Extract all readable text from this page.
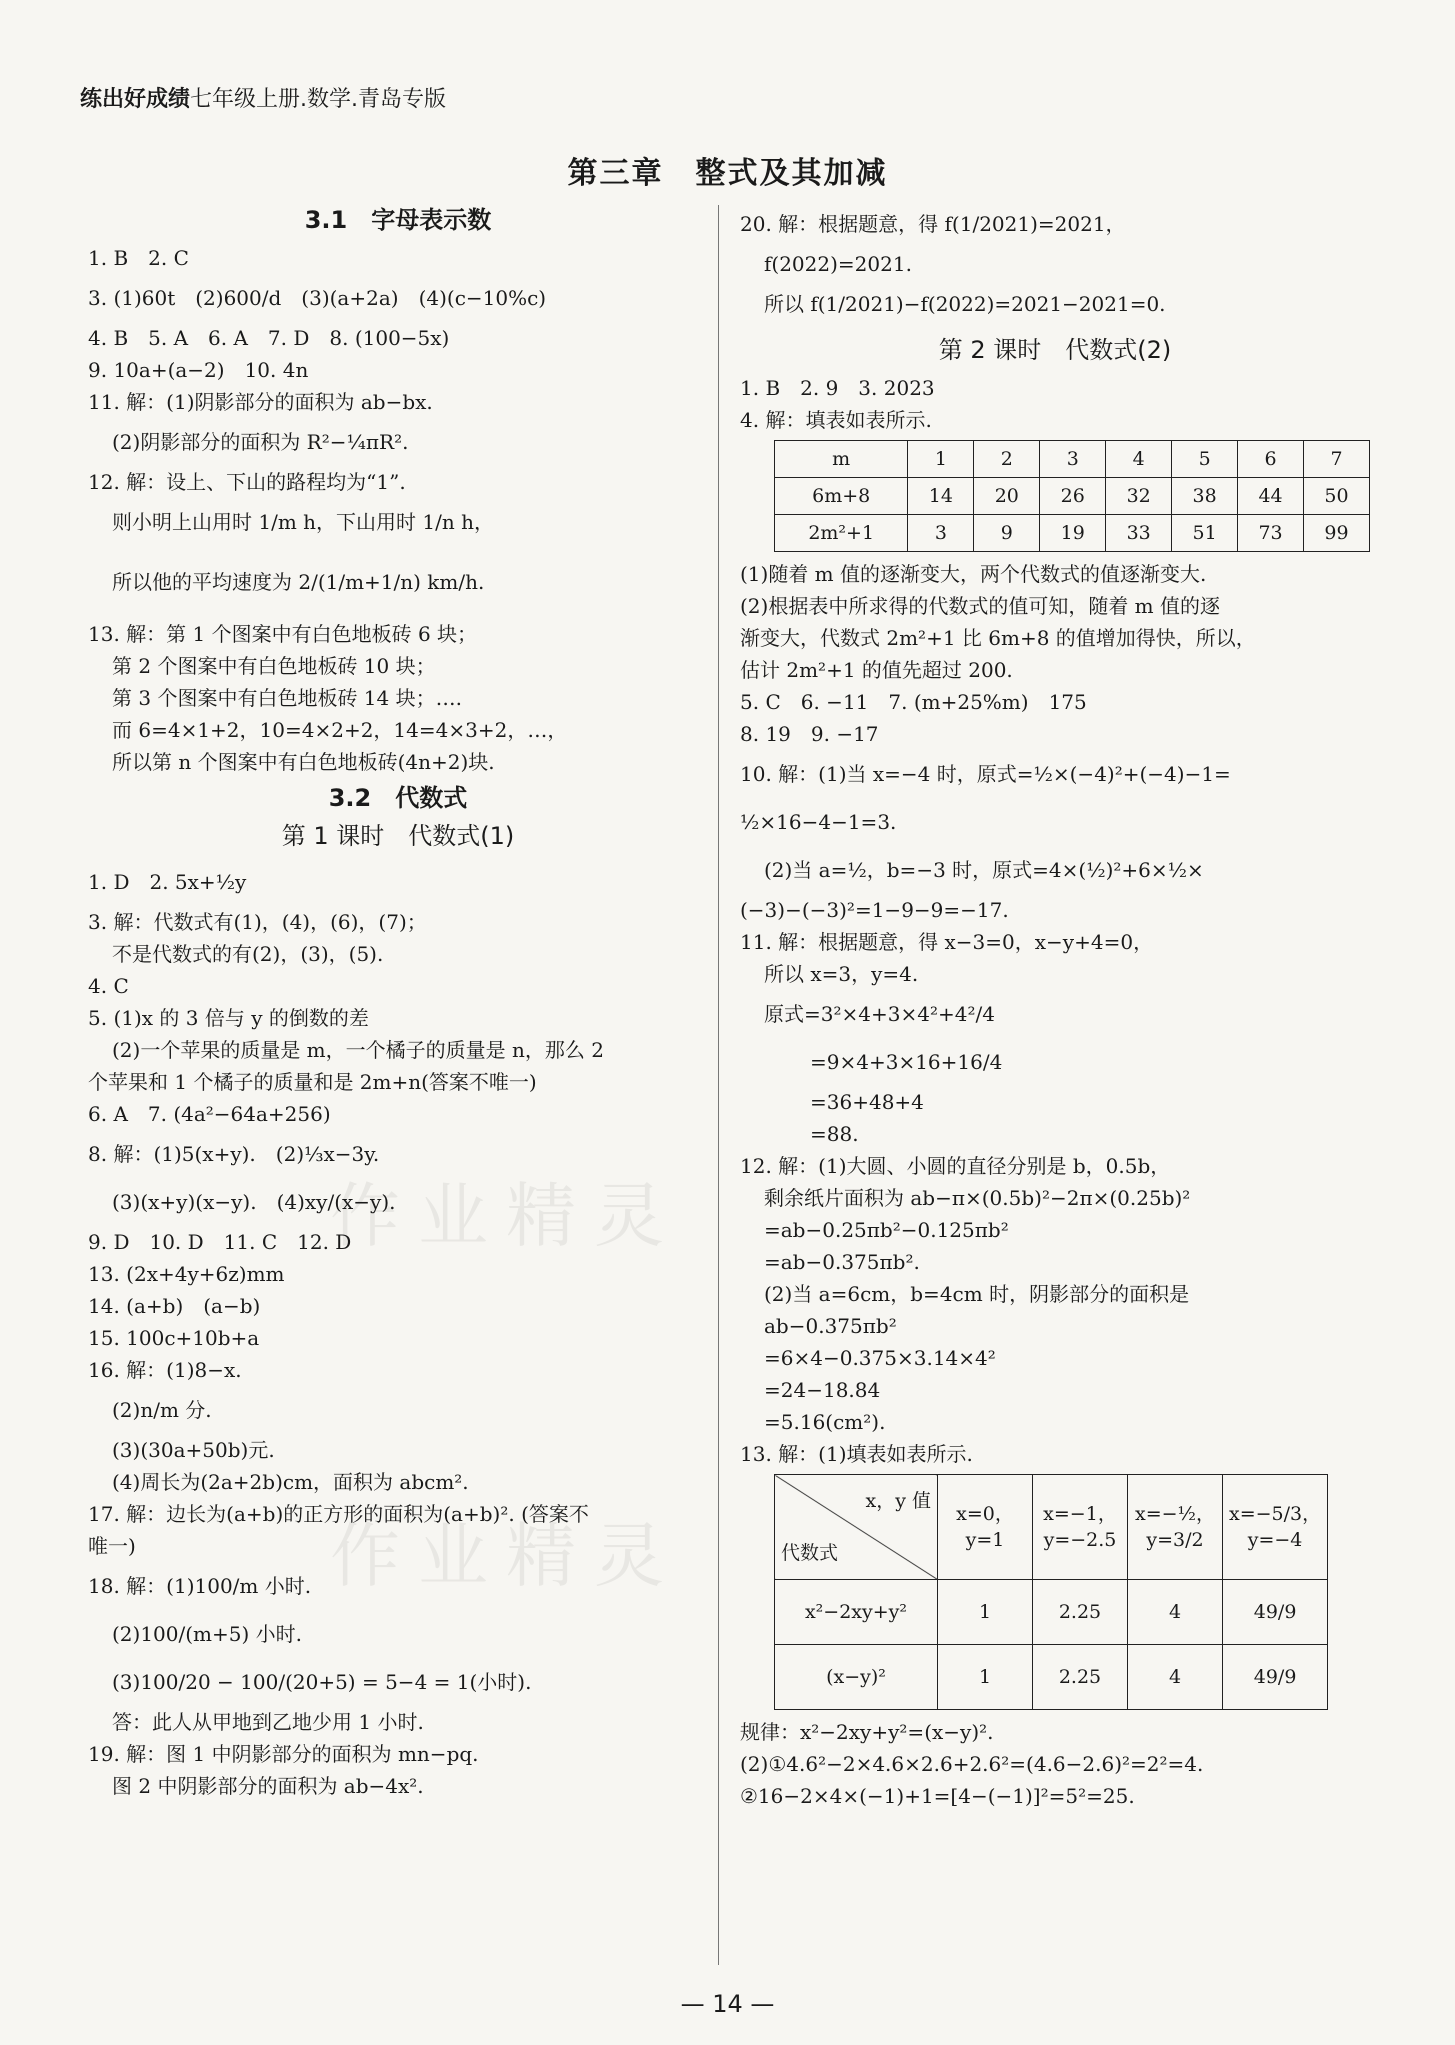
练出好成绩七年级上册.数学.青岛专版
第三章　整式及其加减
作业精灵
作业精灵
3.1　字母表示数
1. B　2. C
3. (1)60t　(2)600/d　(3)(a+2a)　(4)(c−10%c)
4. B　5. A　6. A　7. D　8. (100−5x)
9. 10a+(a−2)　10. 4n
11. 解：(1)阴影部分的面积为 ab−bx.
(2)阴影部分的面积为 R²−¼πR².
12. 解：设上、下山的路程均为“1”.
则小明上山用时 1/m h，下山用时 1/n h，
所以他的平均速度为 2/(1/m+1/n) km/h.
13. 解：第 1 个图案中有白色地板砖 6 块；
第 2 个图案中有白色地板砖 10 块；
第 3 个图案中有白色地板砖 14 块；….
而 6=4×1+2，10=4×2+2，14=4×3+2，…，
所以第 n 个图案中有白色地板砖(4n+2)块.
3.2　代数式
第 1 课时　代数式(1)
1. D　2. 5x+½y
3. 解：代数式有(1)，(4)，(6)，(7)；
不是代数式的有(2)，(3)，(5).
4. C
5. (1)x 的 3 倍与 y 的倒数的差
(2)一个苹果的质量是 m，一个橘子的质量是 n，那么 2
个苹果和 1 个橘子的质量和是 2m+n(答案不唯一)
6. A　7. (4a²−64a+256)
8. 解：(1)5(x+y).　(2)⅓x−3y.
(3)(x+y)(x−y).　(4)xy/(x−y).
9. D　10. D　11. C　12. D
13. (2x+4y+6z)mm
14. (a+b)　(a−b)
15. 100c+10b+a
16. 解：(1)8−x.
(2)n/m 分.
(3)(30a+50b)元.
(4)周长为(2a+2b)cm，面积为 abcm².
17. 解：边长为(a+b)的正方形的面积为(a+b)². (答案不
唯一)
18. 解：(1)100/m 小时.
(2)100/(m+5) 小时.
(3)100/20 − 100/(20+5) = 5−4 = 1(小时).
答：此人从甲地到乙地少用 1 小时.
19. 解：图 1 中阴影部分的面积为 mn−pq.
图 2 中阴影部分的面积为 ab−4x².
20. 解：根据题意，得 f(1/2021)=2021，
f(2022)=2021.
所以 f(1/2021)−f(2022)=2021−2021=0.
第 2 课时　代数式(2)
1. B　2. 9　3. 2023
4. 解：填表如表所示.
m	1	2	3	4	5	6	7
6m+8	14	20	26	32	38	44	50
2m²+1	3	9	19	33	51	73	99
(1)随着 m 值的逐渐变大，两个代数式的值逐渐变大.
(2)根据表中所求得的代数式的值可知，随着 m 值的逐
渐变大，代数式 2m²+1 比 6m+8 的值增加得快，所以，
估计 2m²+1 的值先超过 200.
5. C　6. −11　7. (m+25%m)　175
8. 19　9. −17
10. 解：(1)当 x=−4 时，原式=½×(−4)²+(−4)−1=
½×16−4−1=3.
(2)当 a=½，b=−3 时，原式=4×(½)²+6×½×
(−3)−(−3)²=1−9−9=−17.
11. 解：根据题意，得 x−3=0，x−y+4=0，
所以 x=3，y=4.
原式=3²×4+3×4²+4²/4
=9×4+3×16+16/4
=36+48+4
=88.
12. 解：(1)大圆、小圆的直径分别是 b，0.5b，
剩余纸片面积为 ab−π×(0.5b)²−2π×(0.25b)²
=ab−0.25πb²−0.125πb²
=ab−0.375πb².
(2)当 a=6cm，b=4cm 时，阴影部分的面积是
ab−0.375πb²
=6×4−0.375×3.14×4²
=24−18.84
=5.16(cm²).
13. 解：(1)填表如表所示.
x，y 值
代数式	x=0，y=1	x=−1，y=−2.5	x=−½，y=3/2	x=−5/3，y=−4
x²−2xy+y²	1	2.25	4	49/9
(x−y)²	1	2.25	4	49/9
规律：x²−2xy+y²=(x−y)².
(2)①4.6²−2×4.6×2.6+2.6²=(4.6−2.6)²=2²=4.
②16−2×4×(−1)+1=[4−(−1)]²=5²=25.
— 14 —
